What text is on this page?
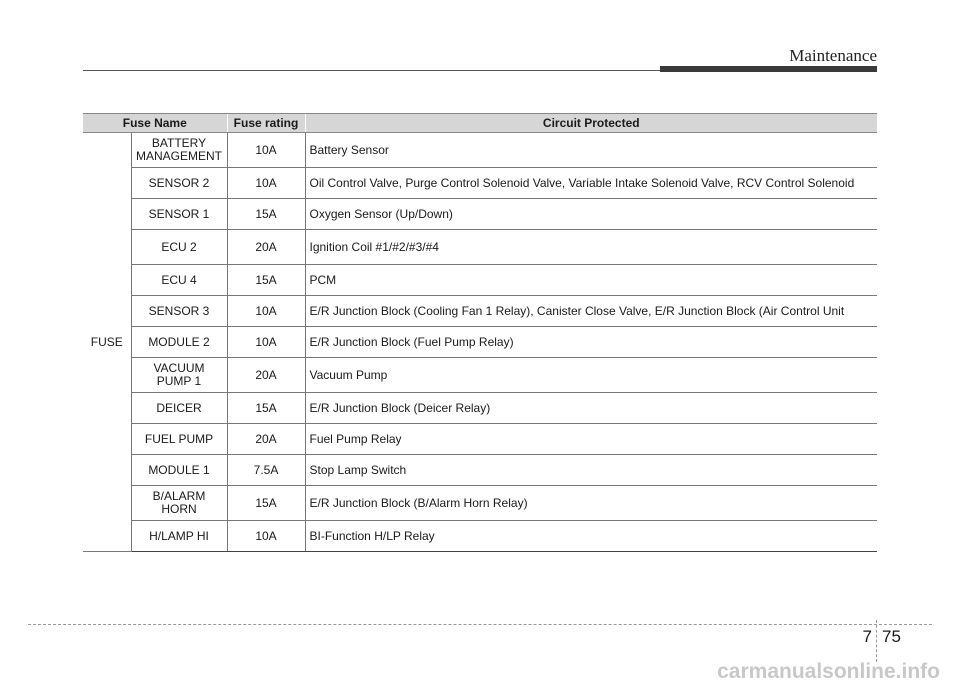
Maintenance
Fuse Name		Fuse rating	Circuit Protected
FUSE	BATTERY MANAGEMENT	10A	Battery Sensor
	SENSOR 2	10A	Oil Control Valve, Purge Control Solenoid Valve, Variable Intake Solenoid Valve, RCV Control Solenoid
	SENSOR 1	15A	Oxygen Sensor (Up/Down)
	ECU 2	20A	Ignition Coil #1/#2/#3/#4
	ECU 4	15A	PCM
	SENSOR 3	10A	E/R Junction Block (Cooling Fan 1 Relay), Canister Close Valve, E/R Junction Block (Air Control Unit
	MODULE 2	10A	E/R Junction Block (Fuel Pump Relay)
	VACUUM PUMP 1	20A	Vacuum Pump
	DEICER	15A	E/R Junction Block (Deicer Relay)
	FUEL PUMP	20A	Fuel Pump Relay
	MODULE 1	7.5A	Stop Lamp Switch
	B/ALARM HORN	15A	E/R Junction Block (B/Alarm Horn Relay)
	H/LAMP HI	10A	BI-Function H/LP Relay
7 75
carmanualsonline.info
